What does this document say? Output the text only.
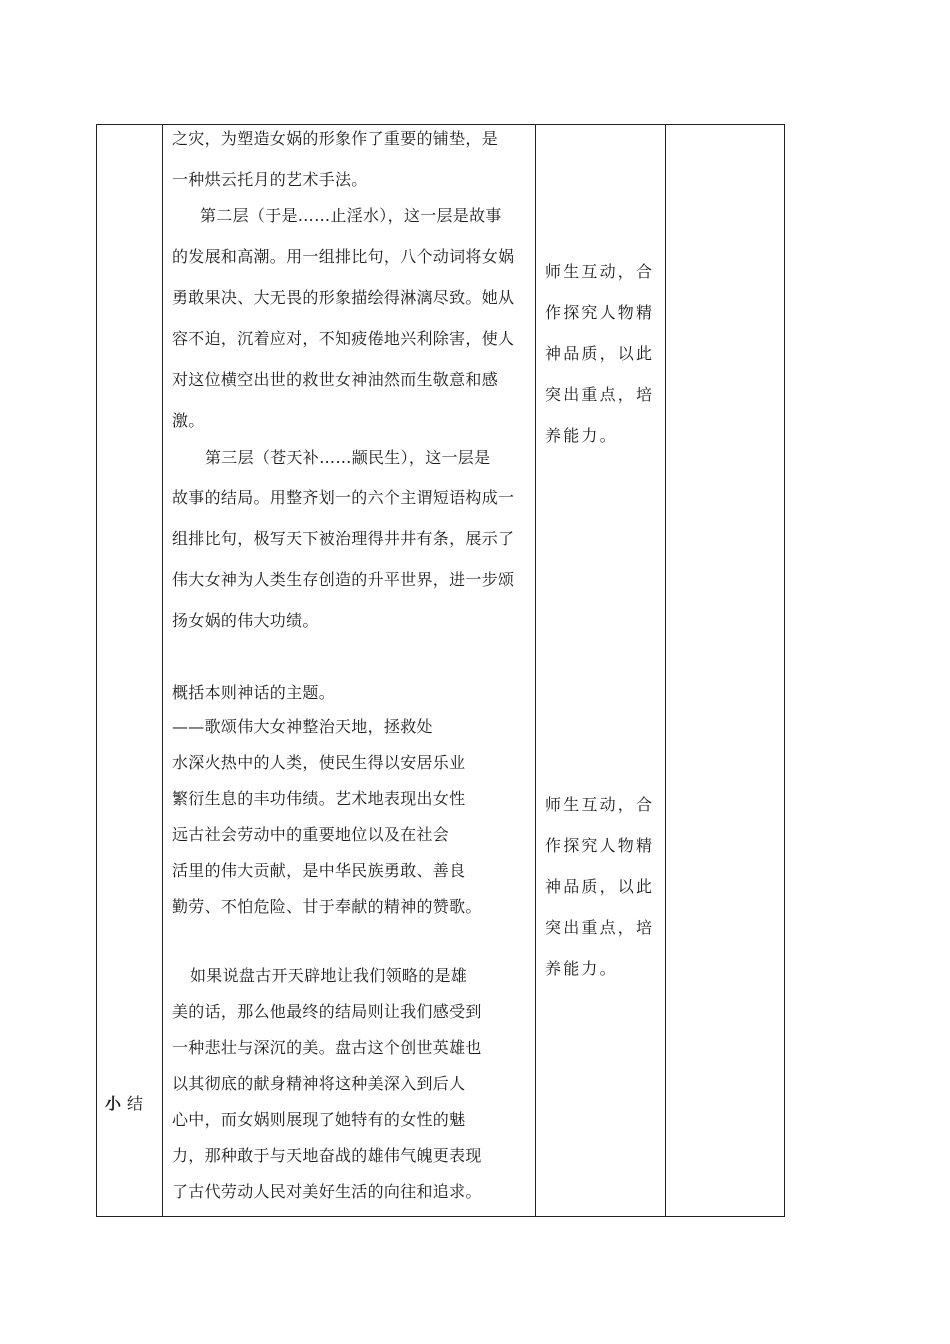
之灾，为塑造女娲的形象作了重要的铺垫，是
一种烘云托月的艺术手法。
第二层（于是……止淫水），这一层是故事
的发展和高潮。用一组排比句，八个动词将女娲
勇敢果决、大无畏的形象描绘得淋漓尽致。她从
容不迫，沉着应对，不知疲倦地兴利除害，使人
对这位横空出世的救世女神油然而生敬意和感
激。
第三层（苍天补……颛民生），这一层是
故事的结局。用整齐划一的六个主谓短语构成一
组排比句，极写天下被治理得井井有条，展示了
伟大女神为人类生存创造的升平世界，进一步颂
扬女娲的伟大功绩。
概括本则神话的主题。
——歌颂伟大女神整治天地，拯救处
水深火热中的人类，使民生得以安居乐业
繁衍生息的丰功伟绩。艺术地表现出女性
远古社会劳动中的重要地位以及在社会
活里的伟大贡献，是中华民族勇敢、善良
勤劳、不怕危险、甘于奉献的精神的赞歌。
如果说盘古开天辟地让我们领略的是雄
美的话，那么他最终的结局则让我们感受到
一种悲壮与深沉的美。盘古这个创世英雄也
以其彻底的献身精神将这种美深入到后人
心中，而女娲则展现了她特有的女性的魅
力，那种敢于与天地奋战的雄伟气魄更表现
了古代劳动人民对美好生活的向往和追求。
师生互动，合
作探究人物精
神品质，以此
突出重点，培
养能力。
师生互动，合
作探究人物精
神品质，以此
突出重点，培
养能力。
小结
